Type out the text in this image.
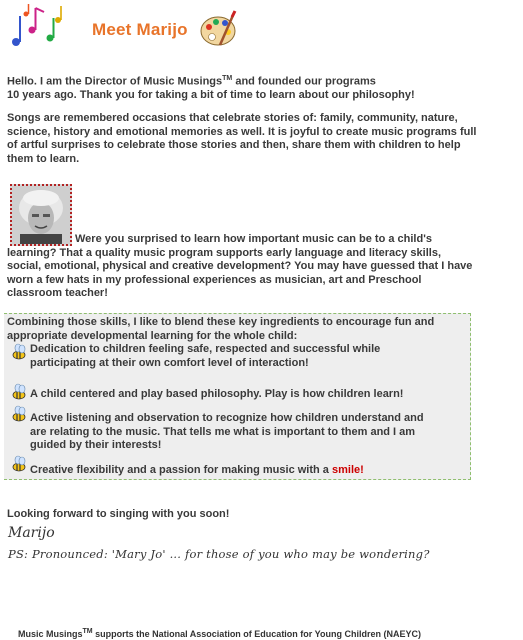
Meet Marijo

Hello. I am the Director of Music Musings™ and founded our programs
10 years ago. Thank you for taking a bit of time to learn about our philosophy!

Songs are remembered occasions that celebrate stories of: family, community, nature, science, history and emotional memories as well. It is joyful to create music programs full of artful surprises to celebrate those stories and then, share them with children to help them to learn.

Were you surprised to learn how important music can be to a child's
learning? That a quality music program supports early language and literacy skills, social, emotional, physical and creative development? You may have guessed that I have worn a few hats in my professional experiences as musician, art and Preschool classroom teacher!

Combining those skills, I like to blend these key ingredients to encourage fun and appropriate developmental learning for the whole child:

Dedication to children feeling safe, respected and successful while participating at their own comfort level of interaction!

A child centered and play based philosophy. Play is how children learn!

Active listening and observation to recognize how children understand and are relating to the music. That tells me what is important to them and I am guided by their interests!

Creative flexibility and a passion for making music with a smile!

Looking forward to singing with you soon!

Marijo
PS: Pronounced: 'Mary Jo' ... for those of you who may be wondering?
Music Musings™ supports the National Association of Education for Young Children (NAEYC)
